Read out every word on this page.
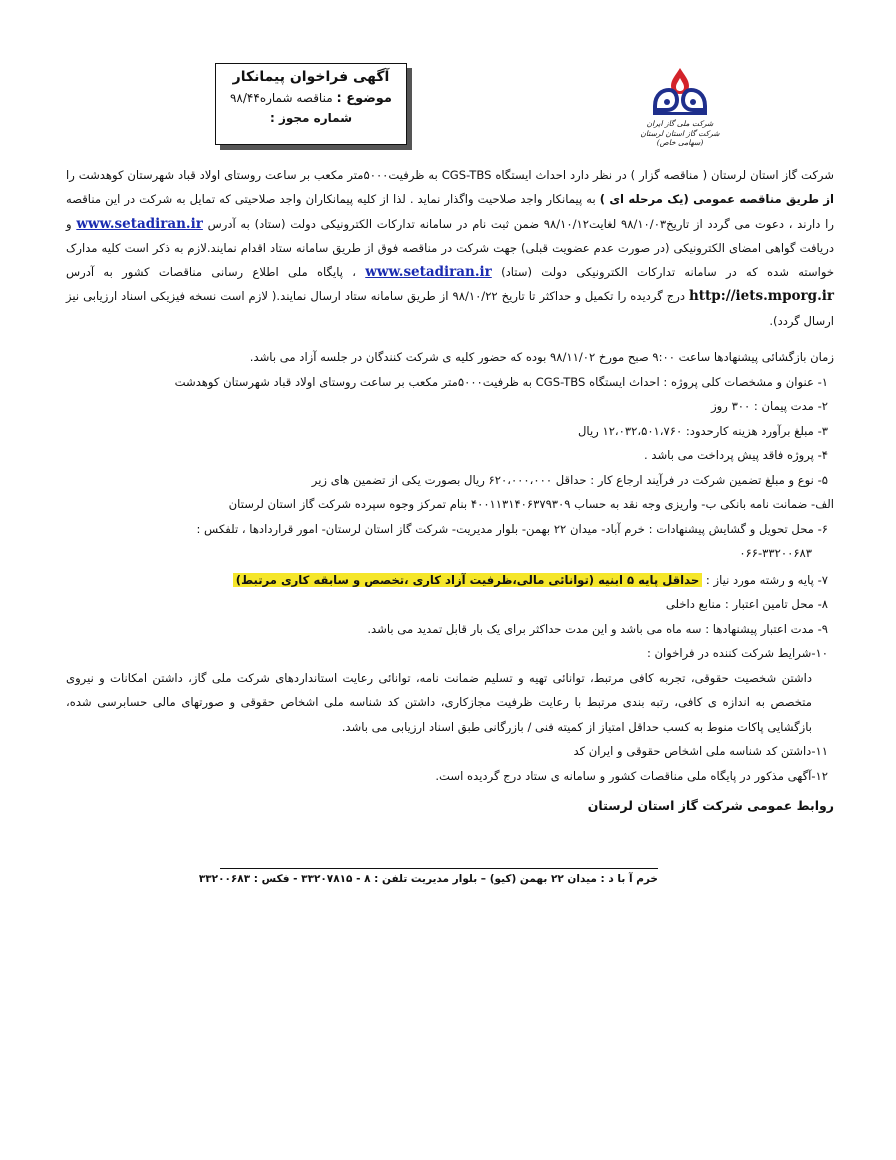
آگهی فراخوان پیمانکار
موضوع : مناقصه شماره۹۸/۴۴
شماره مجوز :	شرکت ملی گاز ایران
شرکت گاز استان لرستان (سهامی خاص)

شرکت گاز استان لرستان ( مناقصه گزار ) در نظر دارد احداث ایستگاه CGS-TBS به ظرفیت۵۰۰۰متر مکعب بر ساعت روستای اولاد قباد شهرستان کوهدشت را از طریق مناقصه عمومی (یک مرحله ای ) به پیمانکار واجد صلاحیت واگذار نماید . لذا از کلیه پیمانکاران واجد صلاحیتی که تمایل به شرکت در این مناقصه را دارند ، دعوت می گردد از تاریخ۹۸/۱۰/۰۳ لغایت۹۸/۱۰/۱۲ ضمن ثبت نام در سامانه تدارکات الکترونیکی دولت (ستاد) به آدرس www.setadiran.ir و دریافت گواهی امضای الکترونیکی (در صورت عدم عضویت قبلی) جهت شرکت در مناقصه فوق از طریق سامانه ستاد اقدام نمایند.لازم به ذکر است کلیه مدارک خواسته شده که در سامانه تدارکات الکترونیکی دولت (ستاد) www.setadiran.ir ، پایگاه ملی اطلاع رسانی مناقصات کشور به آدرس http://iets.mporg.ir درج گردیده را تکمیل و حداکثر تا تاریخ ۹۸/۱۰/۲۲ از طریق سامانه ستاد ارسال نمایند.( لازم است نسخه فیزیکی اسناد ارزیابی نیز ارسال گردد).

زمان بازگشائی پیشنهادها ساعت ۹:۰۰ صبح مورخ ۹۸/۱۱/۰۲ بوده که حضور کلیه ی شرکت کنندگان در جلسه آزاد می باشد.
۱- عنوان و مشخصات کلی پروژه : احداث ایستگاه CGS-TBS به ظرفیت۵۰۰۰متر مکعب بر ساعت روستای اولاد قباد شهرستان کوهدشت
۲- مدت پیمان : ۳۰۰ روز
۳- مبلغ برآورد هزینه کارحدود: ۱۲،۰۳۲،۵۰۱،۷۶۰ ریال
۴- پروژه فاقد پیش پرداخت می باشد .
۵- نوع و مبلغ تضمین شرکت در فرآیند ارجاع کار : حداقل ۶۲۰،۰۰۰،۰۰۰ ریال بصورت یکی از تضمین های زیر
الف- ضمانت نامه بانکی ب- واریزی وجه نقد به حساب ۴۰۰۱۱۳۱۴۰۶۳۷۹۳۰۹ بنام تمرکز وجوه سپرده شرکت گاز استان لرستان
۶- محل تحویل و گشایش پیشنهادات : خرم آباد- میدان ۲۲ بهمن- بلوار مدیریت- شرکت گاز استان لرستان- امور قراردادها ، تلفکس :
۰۶۶-۳۳۲۰۰۶۸۳
۷- پایه و رشته مورد نیاز : حداقل پایه ۵ ابنیه (توانائی مالی،ظرفیت آزاد کاری ،تخصص و سابقه کاری مرتبط)
۸- محل تامین اعتبار : منابع داخلی
۹- مدت اعتبار پیشنهادها : سه ماه می باشد و این مدت حداکثر برای یک بار قابل تمدید می باشد.
۱۰-شرایط شرکت کننده در فراخوان :
داشتن شخصیت حقوقی، تجربه کافی مرتبط، توانائی تهیه و تسلیم ضمانت نامه، توانائی رعایت استانداردهای شرکت ملی گاز، داشتن امکانات و نیروی متخصص به اندازه ی کافی، رتبه بندی مرتبط با رعایت ظرفیت مجازکاری، داشتن کد شناسه ملی اشخاص حقوقی و صورتهای مالی حسابرسی شده، بازگشایی پاکات منوط به کسب حداقل امتیاز از کمیته فنی / بازرگانی طبق اسناد ارزیابی می باشد.
۱۱-داشتن کد شناسه ملی اشخاص حقوقی و ایران کد
۱۲-آگهی مذکور در پایگاه ملی مناقصات کشور و سامانه ی ستاد درج گردیده است.
روابط عمومی شرکت گاز استان لرستان
خرم آ با د : میدان ۲۲ بهمن (کیو) – بلوار مدیریت تلفن : ۸ - ۳۳۲۰۷۸۱۵ - فکس : ۳۳۲۰۰۶۸۳
